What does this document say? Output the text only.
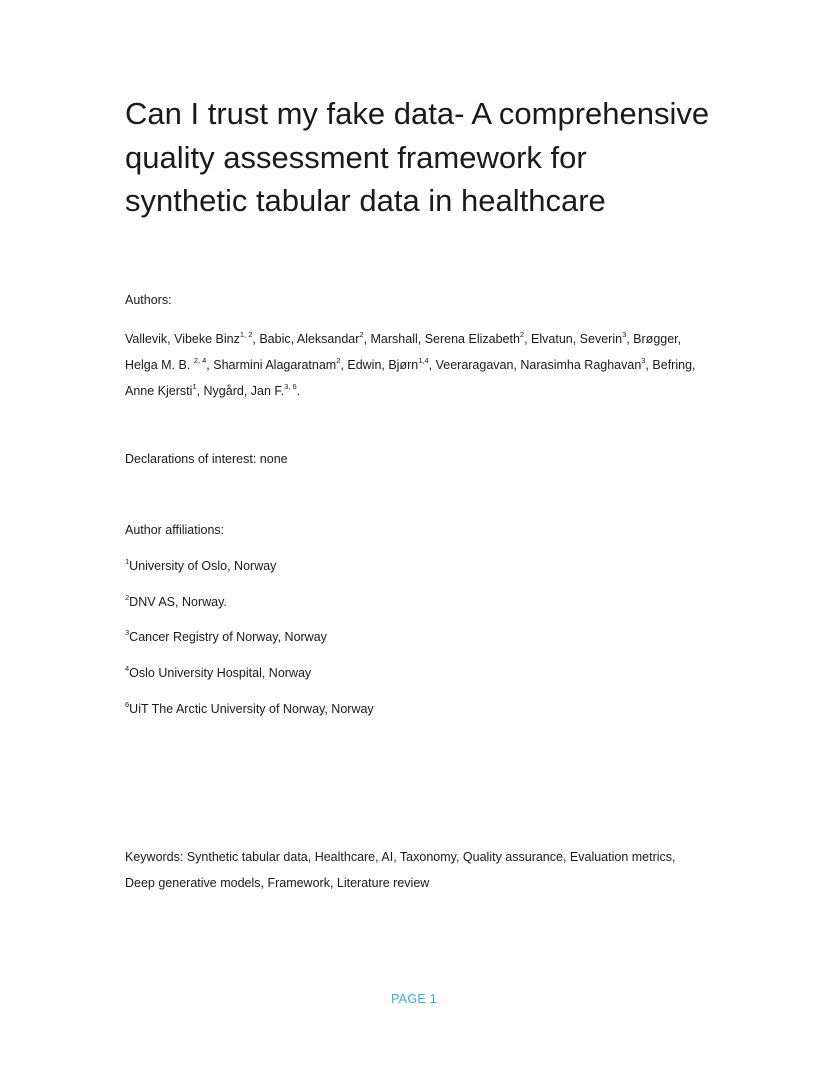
Can I trust my fake data- A comprehensive
quality assessment framework for
synthetic tabular data in healthcare
Authors:
Vallevik, Vibeke Binz$^{1, 2}$, Babic, Aleksandar$^2$, Marshall, Serena Elizabeth$^2$, Elvatun, Severin$^3$, Brøgger,
Helga M. B. $^{2, 4}$, Sharmini Alagaratnam$^2$, Edwin, Bjørn$^{1,4}$, Veeraragavan, Narasimha Raghavan$^3$, Befring,
Anne Kjersti$^1$, Nygård, Jan F.$^{3, 6}$.
Declarations of interest: none
Author affiliations:
$^1$University of Oslo, Norway
$^2$DNV AS, Norway.
$^3$Cancer Registry of Norway, Norway
$^4$Oslo University Hospital, Norway
$^6$UiT The Arctic University of Norway, Norway
Keywords: Synthetic tabular data, Healthcare, AI, Taxonomy, Quality assurance, Evaluation metrics,
Deep generative models, Framework, Literature review
PAGE 1
